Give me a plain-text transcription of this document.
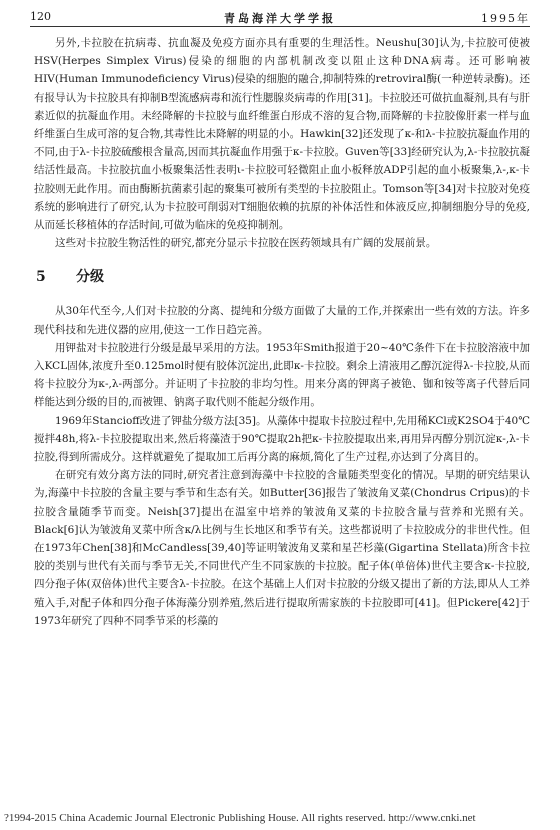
120	青岛海洋大学学报	1995年

另外,卡拉胶在抗病毒、抗血凝及免疫方面亦具有重要的生理活性。Neushu[30]认为,卡拉胶可使被HSV(Herpes Simplex Virus)侵染的细胞的内部机制改变以阻止这种DNA病毒。还可影响被HIV(Human Immunodeficiency Virus)侵染的细胞的融合,抑制特殊的retroviral酶(一种逆转录酶)。还有报导认为卡拉胶具有抑制B型流感病毒和流行性腮腺炎病毒的作用[31]。卡拉胶还可做抗血凝剂,具有与肝素近似的抗凝血作用。未经降解的卡拉胶与血纤维蛋白形成不溶的复合物,而降解的卡拉胶像肝素一样与血纤维蛋白生成可溶的复合物,其毒性比未降解的明显的小。Hawkin[32]还发现了κ-和λ-卡拉胶抗凝血作用的不同,由于λ-卡拉胶硫酸根含量高,因而其抗凝血作用强于κ-卡拉胶。Guven等[33]经研究认为,λ-卡拉胶抗凝结活性最高。卡拉胶抗血小板聚集活性表明ι-卡拉胶可轻微阻止血小板释放ADP引起的血小板聚集,λ-,κ-卡拉胶则无此作用。而由酶断抗菌素引起的聚集可被所有类型的卡拉胶阻止。Tomson等[34]对卡拉胶对免疫系统的影响进行了研究,认为卡拉胶可削弱对T细胞依赖的抗原的补体活性和体液反应,抑制细胞分导的免疫,从而延长移植体的存活时间,可做为临床的免疫抑制剂。

这些对卡拉胶生物活性的研究,都充分显示卡拉胶在医药领域具有广阔的发展前景。

5	分级

从30年代至今,人们对卡拉胶的分离、提纯和分级方面做了大量的工作,并探索出一些有效的方法。许多现代科技和先进仪器的应用,使这一工作日趋完善。

用钾盐对卡拉胶进行分级是最早采用的方法。1953年Smith报道于20~40℃条件下在卡拉胶溶液中加入KCL固体,浓度升至0.125mol时便有胶体沉淀出,此即κ-卡拉胶。剩余上清液用乙醇沉淀得λ-卡拉胶,从而将卡拉胶分为κ-,λ-两部分。并证明了卡拉胶的非均匀性。用来分离的钾离子被铯、铷和铵等离子代替后同样能达到分级的目的,而被锂、钠离子取代则不能起分级作用。

1969年Stancioff改进了钾盐分级方法[35]。从藻体中提取卡拉胶过程中,先用稀KCl或K2SO4于40℃搅拌48h,将λ-卡拉胶提取出来,然后将藻渣于90℃提取2h把κ-卡拉胶提取出来,再用异丙醇分别沉淀κ-,λ-卡拉胶,得到所需成分。这样就避免了提取加工后再分离的麻烦,简化了生产过程,亦达到了分离目的。

在研究有效分离方法的同时,研究者注意到海藻中卡拉胶的含量随类型变化的情况。早期的研究结果认为,海藻中卡拉胶的含量主要与季节和生态有关。如Butter[36]报告了皱波角叉菜(Chondrus Cripus)的卡拉胶含量随季节而变。Neish[37]提出在温室中培养的皱波角叉菜的卡拉胶含量与营养和光照有关。Black[6]认为皱波角叉菜中所含κ/λ比例与生长地区和季节有关。这些都说明了卡拉胶成分的非世代性。但在1973年Chen[38]和McCandless[39,40]等证明皱波角叉菜和星芒杉藻(Gigartina Stellata)所含卡拉胶的类别与世代有关而与季节无关,不同世代产生不同家族的卡拉胶。配子体(单倍体)世代主要含κ-卡拉胶,四分孢子体(双倍体)世代主要含λ-卡拉胶。在这个基础上人们对卡拉胶的分级又提出了新的方法,即从人工养殖入手,对配子体和四分孢子体海藻分别养殖,然后进行提取所需家族的卡拉胶即可[41]。但Pickere[42]于1973年研究了四种不同季节采的杉藻的

?1994-2015 China Academic Journal Electronic Publishing House. All rights reserved. http://www.cnki.net
